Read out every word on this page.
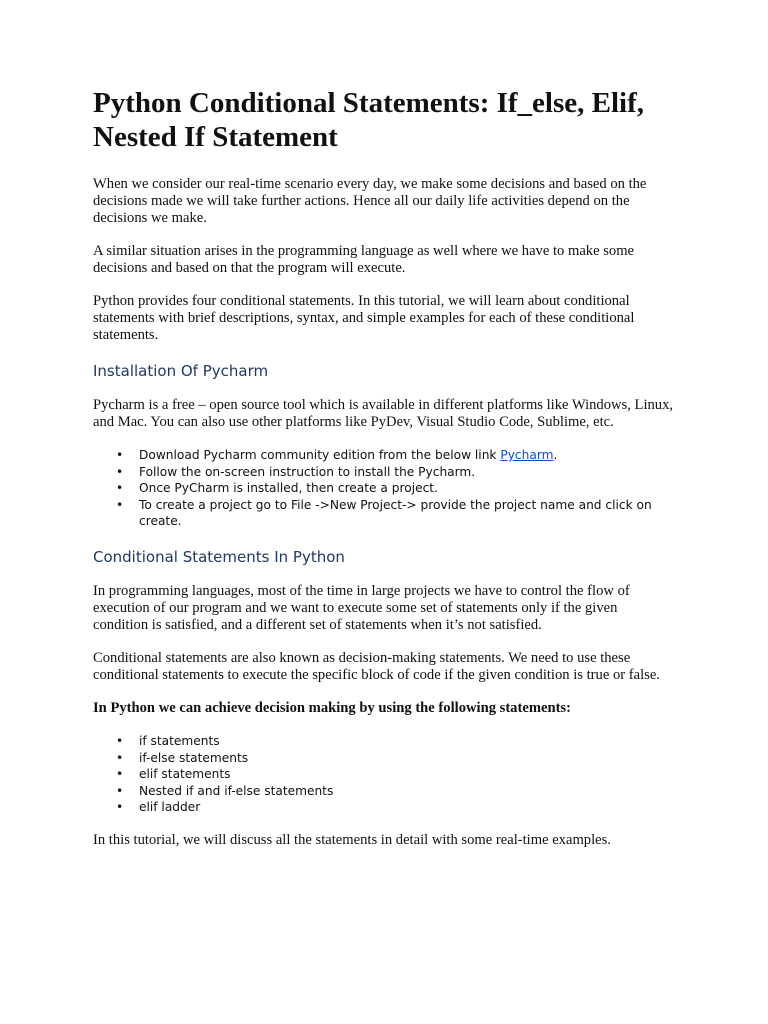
Python Conditional Statements: If_else, Elif, Nested If Statement

When we consider our real-time scenario every day, we make some decisions and based on the decisions made we will take further actions. Hence all our daily life activities depend on the decisions we make.

A similar situation arises in the programming language as well where we have to make some decisions and based on that the program will execute.

Python provides four conditional statements. In this tutorial, we will learn about conditional statements with brief descriptions, syntax, and simple examples for each of these conditional statements.

Installation Of Pycharm

Pycharm is a free – open source tool which is available in different platforms like Windows, Linux, and Mac. You can also use other platforms like PyDev, Visual Studio Code, Sublime, etc.

• Download Pycharm community edition from the below link Pycharm.
• Follow the on-screen instruction to install the Pycharm.
• Once PyCharm is installed, then create a project.
• To create a project go to File ->New Project-> provide the project name and click on create.
Conditional Statements In Python

In programming languages, most of the time in large projects we have to control the flow of execution of our program and we want to execute some set of statements only if the given condition is satisfied, and a different set of statements when it’s not satisfied.

Conditional statements are also known as decision-making statements. We need to use these conditional statements to execute the specific block of code if the given condition is true or false.

In Python we can achieve decision making by using the following statements:

• if statements
• if-else statements
• elif statements
• Nested if and if-else statements
• elif ladder

In this tutorial, we will discuss all the statements in detail with some real-time examples.
